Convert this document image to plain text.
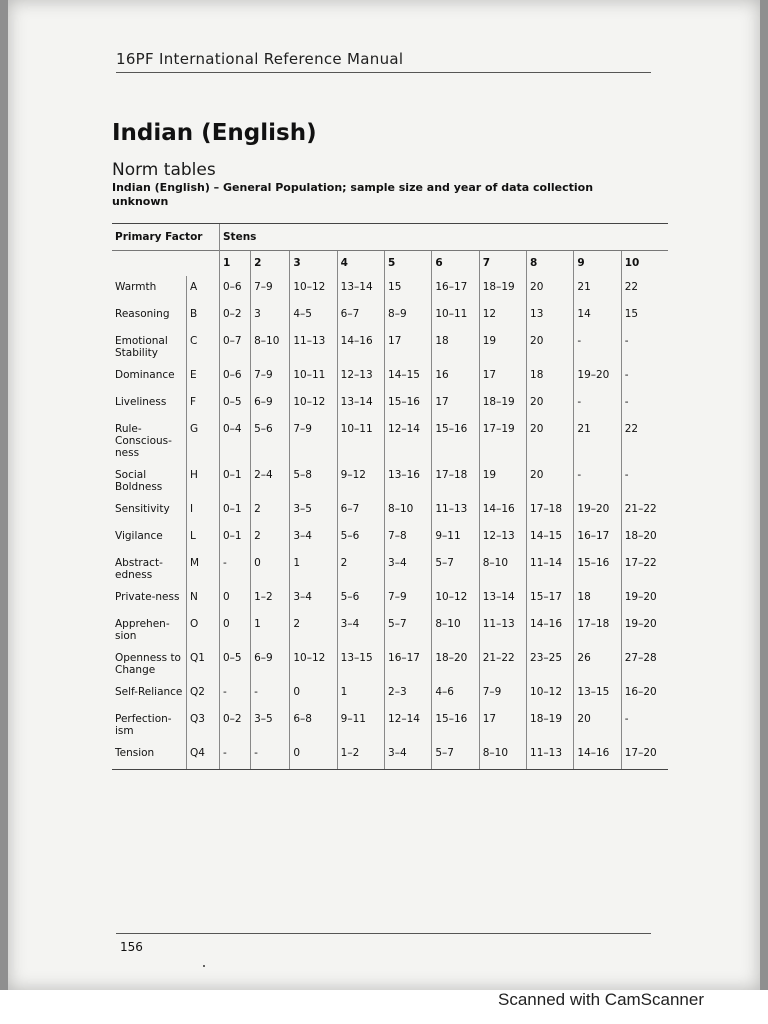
16PF International Reference Manual
Indian (English)
Norm tables
Indian (English) – General Population; sample size and year of data collection unknown
Primary Factor		Stens									
		1	2	3	4	5	6	7	8	9	10
Warmth	A	0–6	7–9	10–12	13–14	15	16–17	18–19	20	21	22
Reasoning	B	0–2	3	4–5	6–7	8–9	10–11	12	13	14	15
Emotional Stability	C	0–7	8–10	11–13	14–16	17	18	19	20	-	-
Dominance	E	0–6	7–9	10–11	12–13	14–15	16	17	18	19–20	-
Liveliness	F	0–5	6–9	10–12	13–14	15–16	17	18–19	20	-	-
Rule-Conscious-ness	G	0–4	5–6	7–9	10–11	12–14	15–16	17–19	20	21	22
Social Boldness	H	0–1	2–4	5–8	9–12	13–16	17–18	19	20	-	-
Sensitivity	I	0–1	2	3–5	6–7	8–10	11–13	14–16	17–18	19–20	21–22
Vigilance	L	0–1	2	3–4	5–6	7–8	9–11	12–13	14–15	16–17	18–20
Abstract-edness	M	-	0	1	2	3–4	5–7	8–10	11–14	15–16	17–22
Private-ness	N	0	1–2	3–4	5–6	7–9	10–12	13–14	15–17	18	19–20
Apprehen-sion	O	0	1	2	3–4	5–7	8–10	11–13	14–16	17–18	19–20
Openness to Change	Q1	0–5	6–9	10–12	13–15	16–17	18–20	21–22	23–25	26	27–28
Self-Reliance	Q2	-	-	0	1	2–3	4–6	7–9	10–12	13–15	16–20
Perfection-ism	Q3	0–2	3–5	6–8	9–11	12–14	15–16	17	18–19	20	-
Tension	Q4	-	-	0	1–2	3–4	5–7	8–10	11–13	14–16	17–20
156
Scanned with CamScanner
